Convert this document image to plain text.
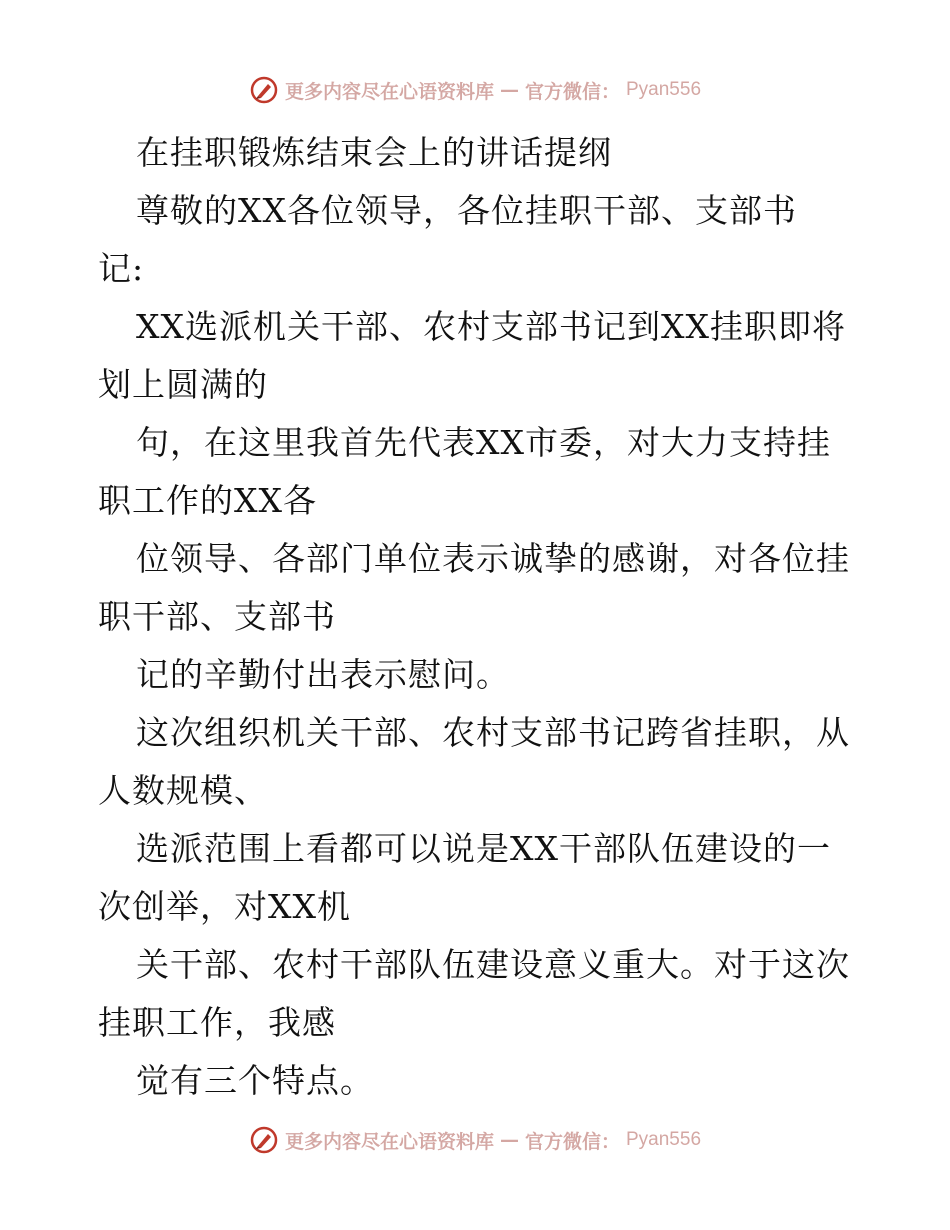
更多内容尽在心语资料库 — 官方微信： Pyan556
在挂职锻炼结束会上的讲话提纲
尊敬的XX各位领导，各位挂职干部、支部书
记:
XX选派机关干部、农村支部书记到XX挂职即将
划上圆满的
句，在这里我首先代表XX市委，对大力支持挂
职工作的XX各
位领导、各部门单位表示诚挚的感谢，对各位挂
职干部、支部书
记的辛勤付出表示慰问。
这次组织机关干部、农村支部书记跨省挂职，从
人数规模、
选派范围上看都可以说是XX干部队伍建设的一
次创举，对XX机
关干部、农村干部队伍建设意义重大。对于这次
挂职工作，我感
觉有三个特点。
更多内容尽在心语资料库 — 官方微信： Pyan556
